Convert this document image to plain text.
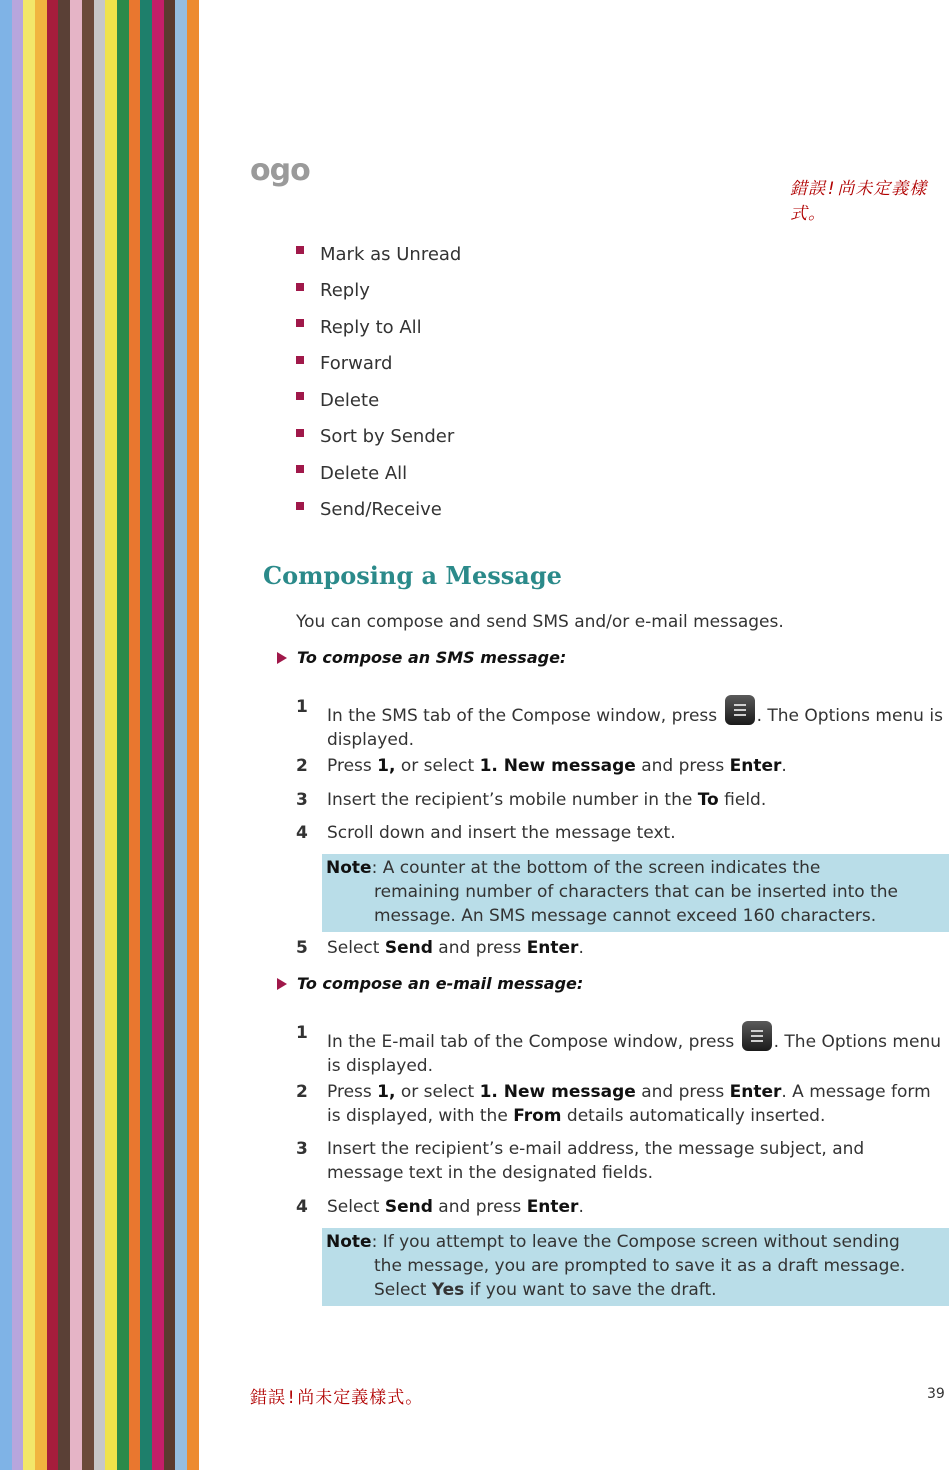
ogo
錯誤!尚未定義樣式。
Mark as Unread
Reply
Reply to All
Forward
Delete
Sort by Sender
Delete All
Send/Receive
Composing a Message
You can compose and send SMS and/or e-mail messages.
To compose an SMS message:
1 In the SMS tab of the Compose window, press . The Options menu is displayed.
2 Press 1, or select 1. New message and press Enter.
3 Insert the recipient’s mobile number in the To field.
4 Scroll down and insert the message text.
Note: A counter at the bottom of the screen indicates the
remaining number of characters that can be inserted into the message. An SMS message cannot exceed 160 characters.
5 Select Send and press Enter.
To compose an e-mail message:
1 In the E-mail tab of the Compose window, press . The Options menu is displayed.
2 Press 1, or select 1. New message and press Enter. A message form is displayed, with the From details automatically inserted.
3 Insert the recipient’s e-mail address, the message subject, and message text in the designated fields.
4 Select Send and press Enter.
Note: If you attempt to leave the Compose screen without sending
the message, you are prompted to save it as a draft message. Select Yes if you want to save the draft.
錯誤!尚未定義樣式。	39
